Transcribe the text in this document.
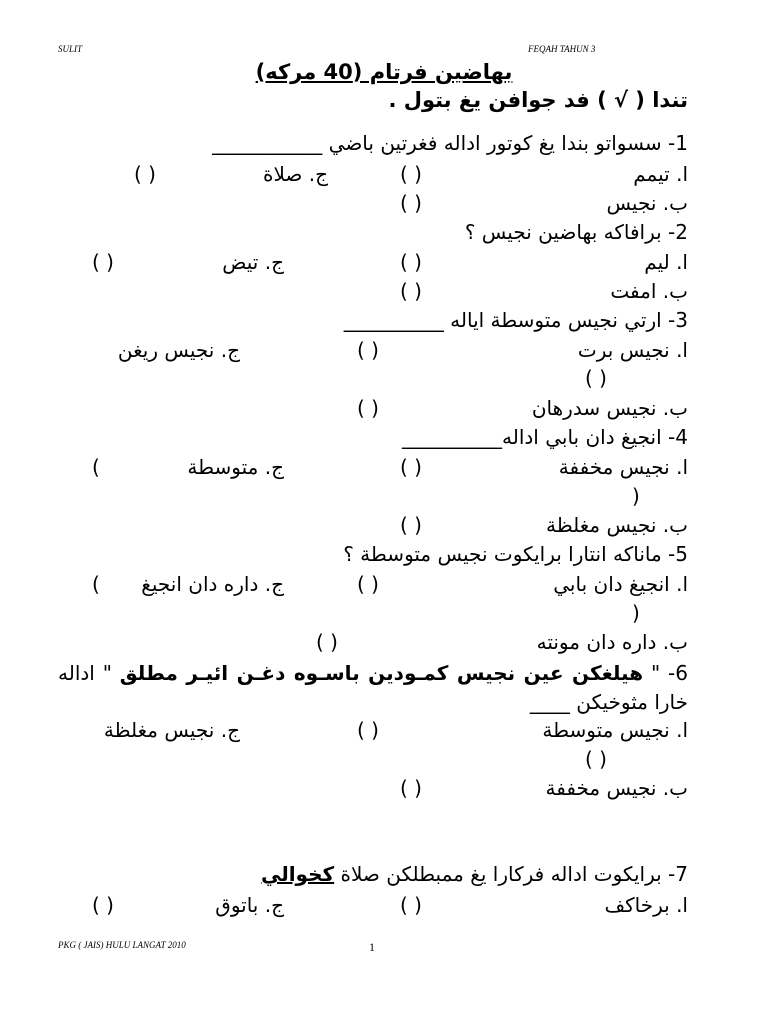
SULIT	FEQAH TAHUN 3
بهاضين فرتام (40 مركه)
تندا ( √ ) فد جوافن يغ بتول .
1- سسواتو بندا يغ كوتور اداله فغرتين باضي ___________
ا. تيمم
( )
ج. صلاة
( )
ب. نجيس
( )
2- برافاكه بهاضين نجيس ؟
ا. ليم
( )
ج. تيض
( )
ب. امفت
( )
3- ارتي نجيس متوسطة اياله __________
ا. نجيس برت
( )
ج. نجيس ريغن
( )
ب. نجيس سدرهان
( )
4- انجيغ دان بابي اداله__________
ا. نجيس مخففة
( )
ج. متوسطة
(
)
ب. نجيس مغلظة
( )
5- ماناكه انتارا برايكوت نجيس متوسطة ؟
ا. انجيغ دان بابي
( )
ج. داره دان انجيغ
(
)
ب. داره دان مونته
( )
6- " هيلغكن عين نجيس كمـودين باسـوه دغـن ائيـر مطلق " اداله خارا مثوخيكن ____
ا. نجيس متوسطة
( )
ج. نجيس مغلظة
( )
ب. نجيس مخففة
( )
7- برايكوت اداله فركارا يغ ممبطلكن صلاة كخوالي
ا. برخاكف
( )
ج. باتوق
( )
PKG ( JAIS) HULU LANGAT 2010	1
